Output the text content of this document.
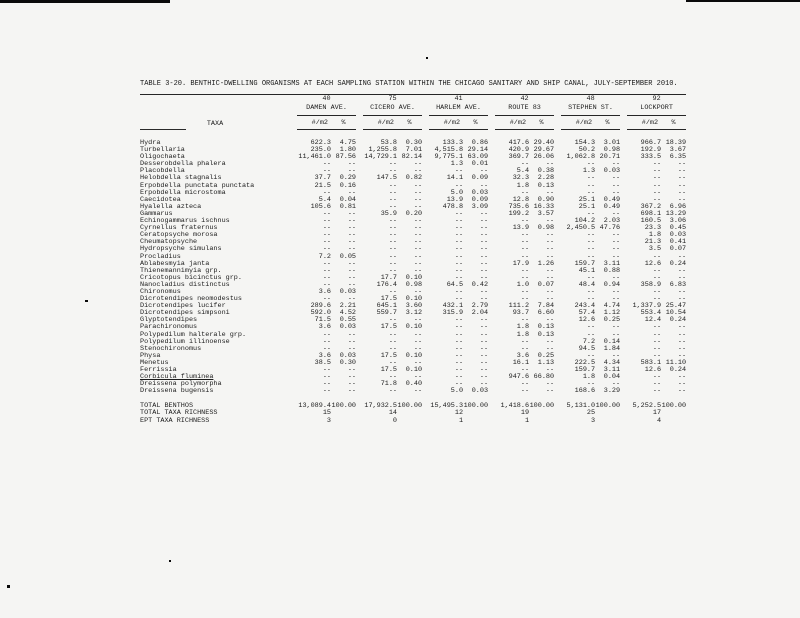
TABLE 3-20. BENTHIC-DWELLING ORGANISMS AT EACH SAMPLING STATION WITHIN THE CHICAGO SANITARY AND SHIP CANAL, JULY-SEPTEMBER 2010.
TAXA		40			75			41			42			48			92	
		DAMEN AVE.			CICERO AVE.			HARLEM AVE.			ROUTE 83			STEPHEN ST.			LOCKPORT	
		#/m2	%		#/m2	%		#/m2	%		#/m2	%		#/m2	%		#/m2	%

Hydra		622.3	4.75		53.8	0.30		133.3	0.86		417.6	29.40		154.3	3.01		966.7	18.39
Turbellaria		235.0	1.80		1,255.8	7.01		4,515.8	29.14		420.9	29.67		50.2	0.98		192.9	3.67
Oligochaeta		11,461.0	87.56		14,729.1	82.14		9,775.1	63.09		369.7	26.06		1,062.8	20.71		333.5	6.35
Desserobdella phalera		--	--		--	--		1.3	0.01		--	--		--	--		--	--
Placobdella		--	--		--	--		--	--		5.4	0.38		1.3	0.03		--	--
Helobdella stagnalis		37.7	0.29		147.5	0.82		14.1	0.09		32.3	2.28		--	--		--	--
Erpobdella punctata punctata		21.5	0.16		--	--		--	--		1.8	0.13		--	--		--	--
Erpobdella microstoma		--	--		--	--		5.0	0.03		--	--		--	--		--	--
Caecidotea		5.4	0.04		--	--		13.9	0.09		12.8	0.90		25.1	0.49		--	--
Hyalella azteca		105.6	0.81		--	--		478.8	3.09		735.6	16.33		25.1	0.49		367.2	6.96
Gammarus		--	--		35.9	0.20		--	--		199.2	3.57		--	--		698.1	13.29
Echinogammarus ischnus		--	--		--	--		--	--		--	--		104.2	2.03		160.5	3.06
Cyrnellus fraternus		--	--		--	--		--	--		13.9	0.98		2,450.5	47.76		23.3	0.45
Ceratopsyche morosa		--	--		--	--		--	--		--	--		--	--		1.8	0.03
Cheumatopsyche		--	--		--	--		--	--		--	--		--	--		21.3	0.41
Hydropsyche simulans		--	--		--	--		--	--		--	--		--	--		3.5	0.07
Procladius		7.2	0.05		--	--		--	--		--	--		--	--		--	--
Ablabesmyia janta		--	--		--	--		--	--		17.9	1.26		159.7	3.11		12.6	0.24
Thienemannimyia grp.		--	--		--	--		--	--		--	--		45.1	0.88		--	--
Cricotopus bicinctus grp.		--	--		17.7	0.10		--	--		--	--		--	--		--	--
Nanocladius distinctus		--	--		176.4	0.98		64.5	0.42		1.0	0.07		48.4	0.94		358.9	6.83
Chironomus		3.6	0.03		--	--		--	--		--	--		--	--		--	--
Dicrotendipes neomodestus		--	--		17.5	0.10		--	--		--	--		--	--		--	--
Dicrotendipes lucifer		289.6	2.21		645.1	3.60		432.1	2.79		111.2	7.84		243.4	4.74		1,337.9	25.47
Dicrotendipes simpsoni		592.0	4.52		559.7	3.12		315.9	2.04		93.7	6.60		57.4	1.12		553.4	10.54
Glyptotendipes		71.5	0.55		--	--		--	--		--	--		12.6	0.25		12.4	0.24
Parachironomus		3.6	0.03		17.5	0.10		--	--		1.8	0.13		--	--		--	--
Polypedilum halterale grp.		--	--		--	--		--	--		1.8	0.13		--	--		--	--
Polypedilum illinoense		--	--		--	--		--	--		--	--		7.2	0.14		--	--
Stenochironomus		--	--		--	--		--	--		--	--		94.5	1.84		--	--
Physa		3.6	0.03		17.5	0.10		--	--		3.6	0.25		--	--		--	--
Menetus		38.5	0.30		--	--		--	--		16.1	1.13		222.5	4.34		583.1	11.10
Ferrissia		--	--		17.5	0.10		--	--		--	--		159.7	3.11		12.6	0.24
Corbicula fluminea		--	--		--	--		--	--		947.6	66.80		1.8	0.04		--	--
Dreissena polymorpha		--	--		71.8	0.40		--	--		--	--		--	--		--	--
Dreissena bugensis		--	--		--	--		5.0	0.03		--	--		168.6	3.29		--	--

TOTAL BENTHOS		13,089.4	100.00		17,932.5	100.00		15,495.3	100.00		1,418.6	100.00		5,131.0	100.00		5,252.5	100.00
TOTAL TAXA RICHNESS		15			14			12			19			25			17	
EPT TAXA RICHNESS		3			0			1			1			3			4	
